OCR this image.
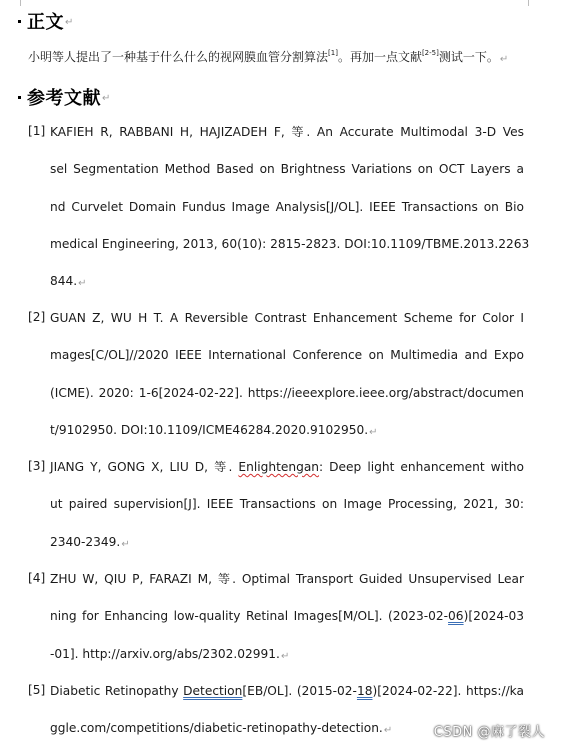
正文 ↵
小明等人提出了一种基于什么什么的视网膜血管分割算法[1]。再加一点文献[2-5]测试一下。↵
参考文献 ↵
[1] KAFIEH R, RABBANI H, HAJIZADEH F, 等. An Accurate Multimodal 3-D Ves
sel Segmentation Method Based on Brightness Variations on OCT Layers a
nd Curvelet Domain Fundus Image Analysis[J/OL]. IEEE Transactions on Bio
medical Engineering, 2013, 60(10): 2815-2823. DOI:10.1109/TBME.2013.2263
844.↵
[2] GUAN Z, WU H T. A Reversible Contrast Enhancement Scheme for Color I
mages[C/OL]//2020 IEEE International Conference on Multimedia and Expo
(ICME). 2020: 1-6[2024-02-22]. https://ieeexplore.ieee.org/abstract/documen
t/9102950. DOI:10.1109/ICME46284.2020.9102950.↵
[3] JIANG Y, GONG X, LIU D, 等. Enlightengan: Deep light enhancement witho
ut paired supervision[J]. IEEE Transactions on Image Processing, 2021, 30:
2340-2349.↵
[4] ZHU W, QIU P, FARAZI M, 等. Optimal Transport Guided Unsupervised Lear
ning for Enhancing low-quality Retinal Images[M/OL]. (2023-02-06)[2024-03
-01]. http://arxiv.org/abs/2302.02991.↵
[5] Diabetic Retinopathy Detection[EB/OL]. (2015-02-18)[2024-02-22]. https://ka
ggle.com/competitions/diabetic-retinopathy-detection.↵	CSDN @麻了裂人
